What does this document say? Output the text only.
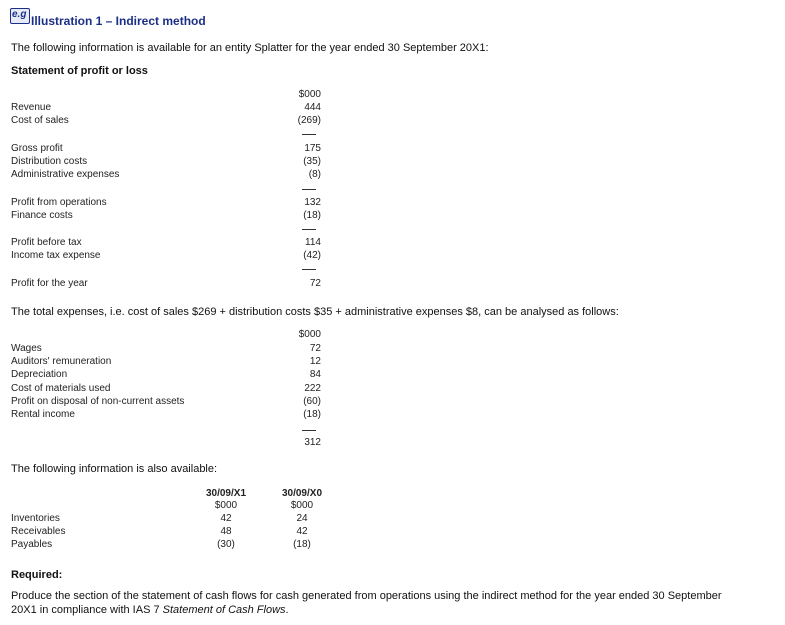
e.g Illustration 1 – Indirect method
The following information is available for an entity Splatter for the year ended 30 September 20X1:
Statement of profit or loss
$000
Revenue	444
Cost of sales	(269)
Gross profit	175
Distribution costs	(35)
Administrative expenses	(8)
Profit from operations	132
Finance costs	(18)
Profit before tax	114
Income tax expense	(42)
Profit for the year	72
The total expenses, i.e. cost of sales $269 + distribution costs $35 + administrative expenses $8, can be analysed as follows:
$000
Wages	72
Auditors' remuneration	12
Depreciation	84
Cost of materials used	222
Profit on disposal of non-current assets	(60)
Rental income	(18)
312
The following information is also available:
30/09/X1
$000
30/09/X0
$000
Inventories	42	24
Receivables	48	42
Payables	(30)	(18)
Required:
Produce the section of the statement of cash flows for cash generated from operations using the indirect method for the year ended 30 September
20X1 in compliance with IAS 7 Statement of Cash Flows.
